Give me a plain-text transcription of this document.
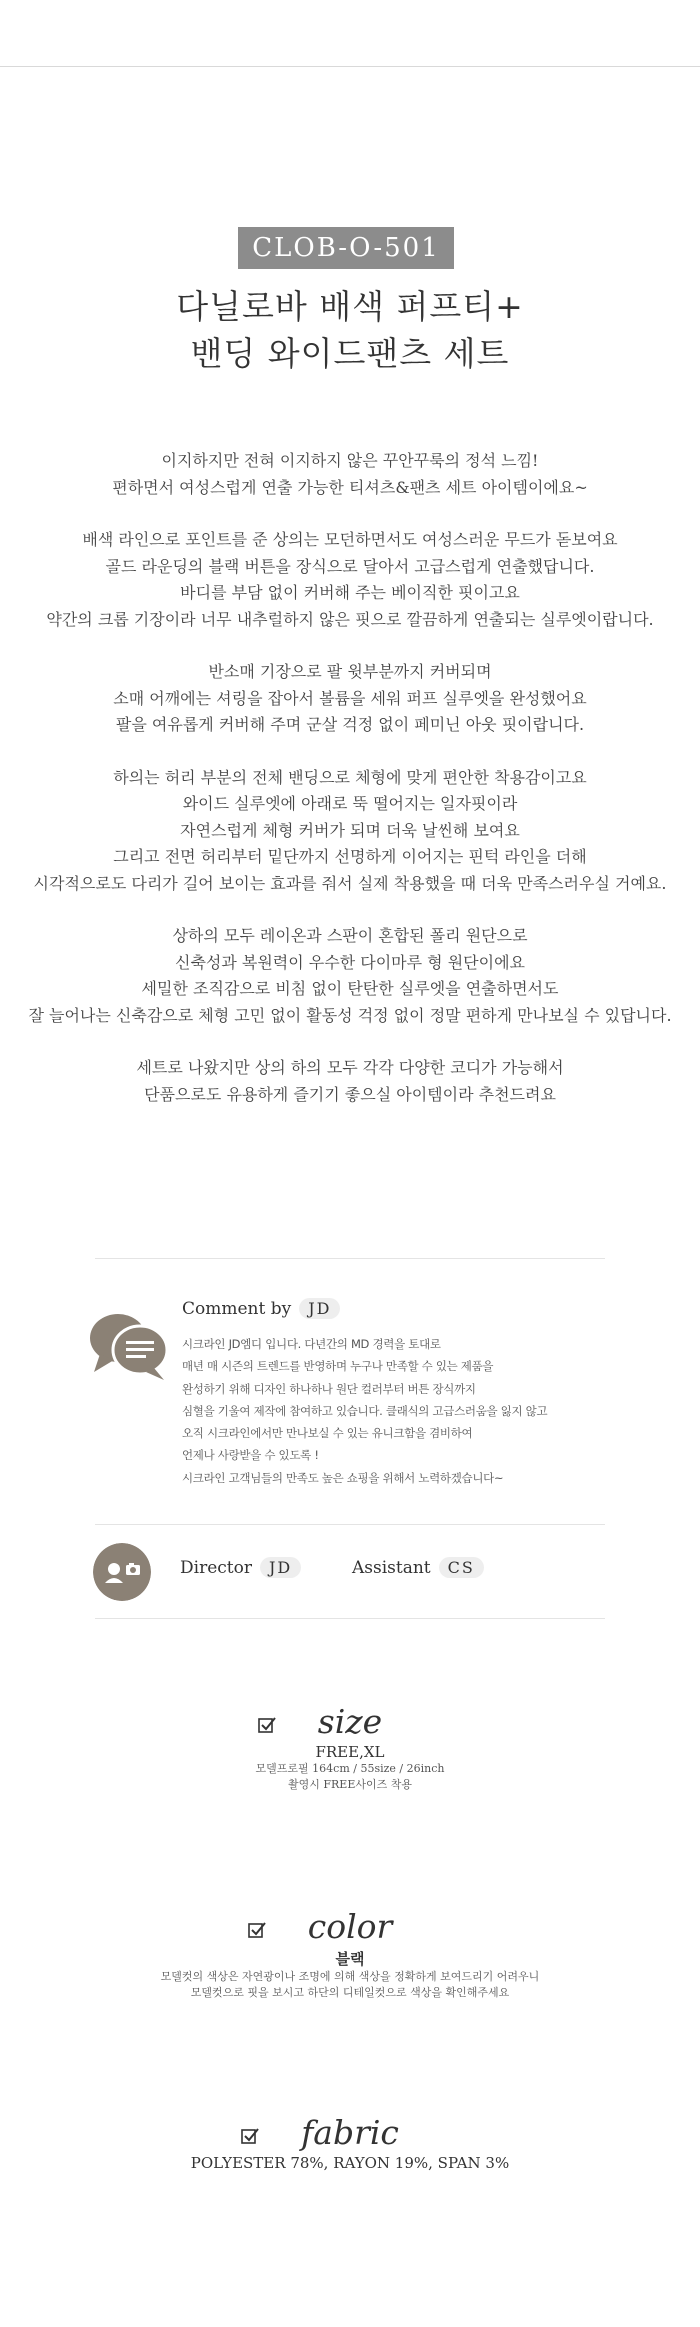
CLOB-O-501
다닐로바 배색 퍼프티+
밴딩 와이드팬츠 세트

이지하지만 전혀 이지하지 않은 꾸안꾸룩의 정석 느낌!
편하면서 여성스럽게 연출 가능한 티셔츠&팬츠 세트 아이템이에요~

배색 라인으로 포인트를 준 상의는 모던하면서도 여성스러운 무드가 돋보여요
골드 라운딩의 블랙 버튼을 장식으로 달아서 고급스럽게 연출했답니다.
바디를 부담 없이 커버해 주는 베이직한 핏이고요
약간의 크롭 기장이라 너무 내추럴하지 않은 핏으로 깔끔하게 연출되는 실루엣이랍니다.

반소매 기장으로 팔 윗부분까지 커버되며
소매 어깨에는 셔링을 잡아서 볼륨을 세워 퍼프 실루엣을 완성했어요
팔을 여유롭게 커버해 주며 군살 걱정 없이 페미닌 아웃 핏이랍니다.

하의는 허리 부분의 전체 밴딩으로 체형에 맞게 편안한 착용감이고요
와이드 실루엣에 아래로 뚝 떨어지는 일자핏이라
자연스럽게 체형 커버가 되며 더욱 날씬해 보여요
그리고 전면 허리부터 밑단까지 선명하게 이어지는 핀턱 라인을 더해
시각적으로도 다리가 길어 보이는 효과를 줘서 실제 착용했을 때 더욱 만족스러우실 거예요.

상하의 모두 레이온과 스판이 혼합된 폴리 원단으로
신축성과 복원력이 우수한 다이마루 형 원단이에요
세밀한 조직감으로 비침 없이 탄탄한 실루엣을 연출하면서도
잘 늘어나는 신축감으로 체형 고민 없이 활동성 걱정 없이 정말 편하게 만나보실 수 있답니다.

세트로 나왔지만 상의 하의 모두 각각 다양한 코디가 가능해서
단품으로도 유용하게 즐기기 좋으실 아이템이라 추천드려요

Comment by JD
시크라인 JD엠디 입니다. 다년간의 MD 경력을 토대로
매년 매 시즌의 트렌드를 반영하며 누구나 만족할 수 있는 제품을
완성하기 위해 디자인 하나하나 원단 컬러부터 버튼 장식까지
심혈을 기울여 제작에 참여하고 있습니다. 클래식의 고급스러움을 잃지 않고
오직 시크라인에서만 만나보실 수 있는 유니크함을 겸비하여
언제나 사랑받을 수 있도록 !
시크라인 고객님들의 만족도 높은 쇼핑을 위해서 노력하겠습니다~
Director JD	Assistant CS
size
FREE,XL
모델프로필 164cm / 55size / 26inch
촬영시 FREE사이즈 착용
color
블랙
모델컷의 색상은 자연광이나 조명에 의해 색상을 정확하게 보여드리기 어려우니
모델컷으로 핏을 보시고 하단의 디테일컷으로 색상을 확인해주세요
fabric
POLYESTER 78%, RAYON 19%, SPAN 3%
